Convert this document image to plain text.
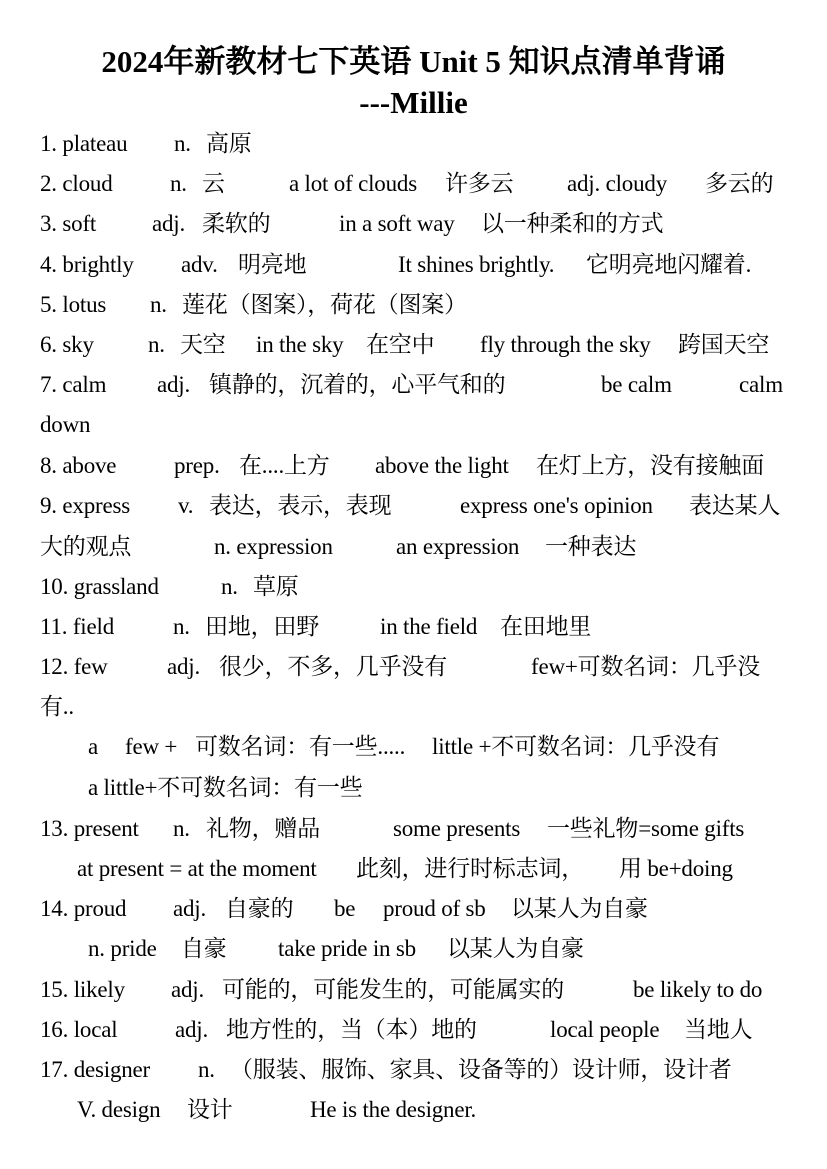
2024年新教材七下英语 Unit 5 知识点清单背诵
---Millie
1. plateau n. 高原
2. cloud	n. 云	a lot of clouds 许多云 adj. cloudy 多云的
3. soft adj. 柔软的	in a soft way 以一种柔和的方式
4. brightly adv. 明亮地	It shines brightly. 它明亮地闪耀着.
5. lotus n. 莲花（图案），荷花（图案）
6. sky n. 天空 in the sky 在空中 fly through the sky 跨国天空
7. calm adj. 镇静的，沉着的，心平气和的	be calm	calm
down
8. above	prep. 在....上方 above the light 在灯上方，没有接触面
9. express v. 表达，表示，表现	express one's opinion 表达某人
大的观点	n. expression	an expression 一种表达
10. grassland	n. 草原
11. field	n. 田地，田野	in the field 在田地里
12. few	adj. 很少，不多，几乎没有	few+可数名词：几乎没
有..
a few + 可数名词：有一些..... little +不可数名词：几乎没有
a little+不可数名词：有一些
13. present n. 礼物，赠品	some presents 一些礼物=some gifts
at present = at the moment 此刻，进行时标志词， 用 be+doing
14. proud adj. 自豪的 be proud of sb 以某人为自豪
n. pride 自豪 take pride in sb 以某人为自豪
15. likely adj. 可能的，可能发生的，可能属实的	be likely to do
16. local	adj. 地方性的，当（本）地的	local people 当地人
17. designer n. （服装、服饰、家具、设备等的）设计师，设计者
V. design 设计	He is the designer.
